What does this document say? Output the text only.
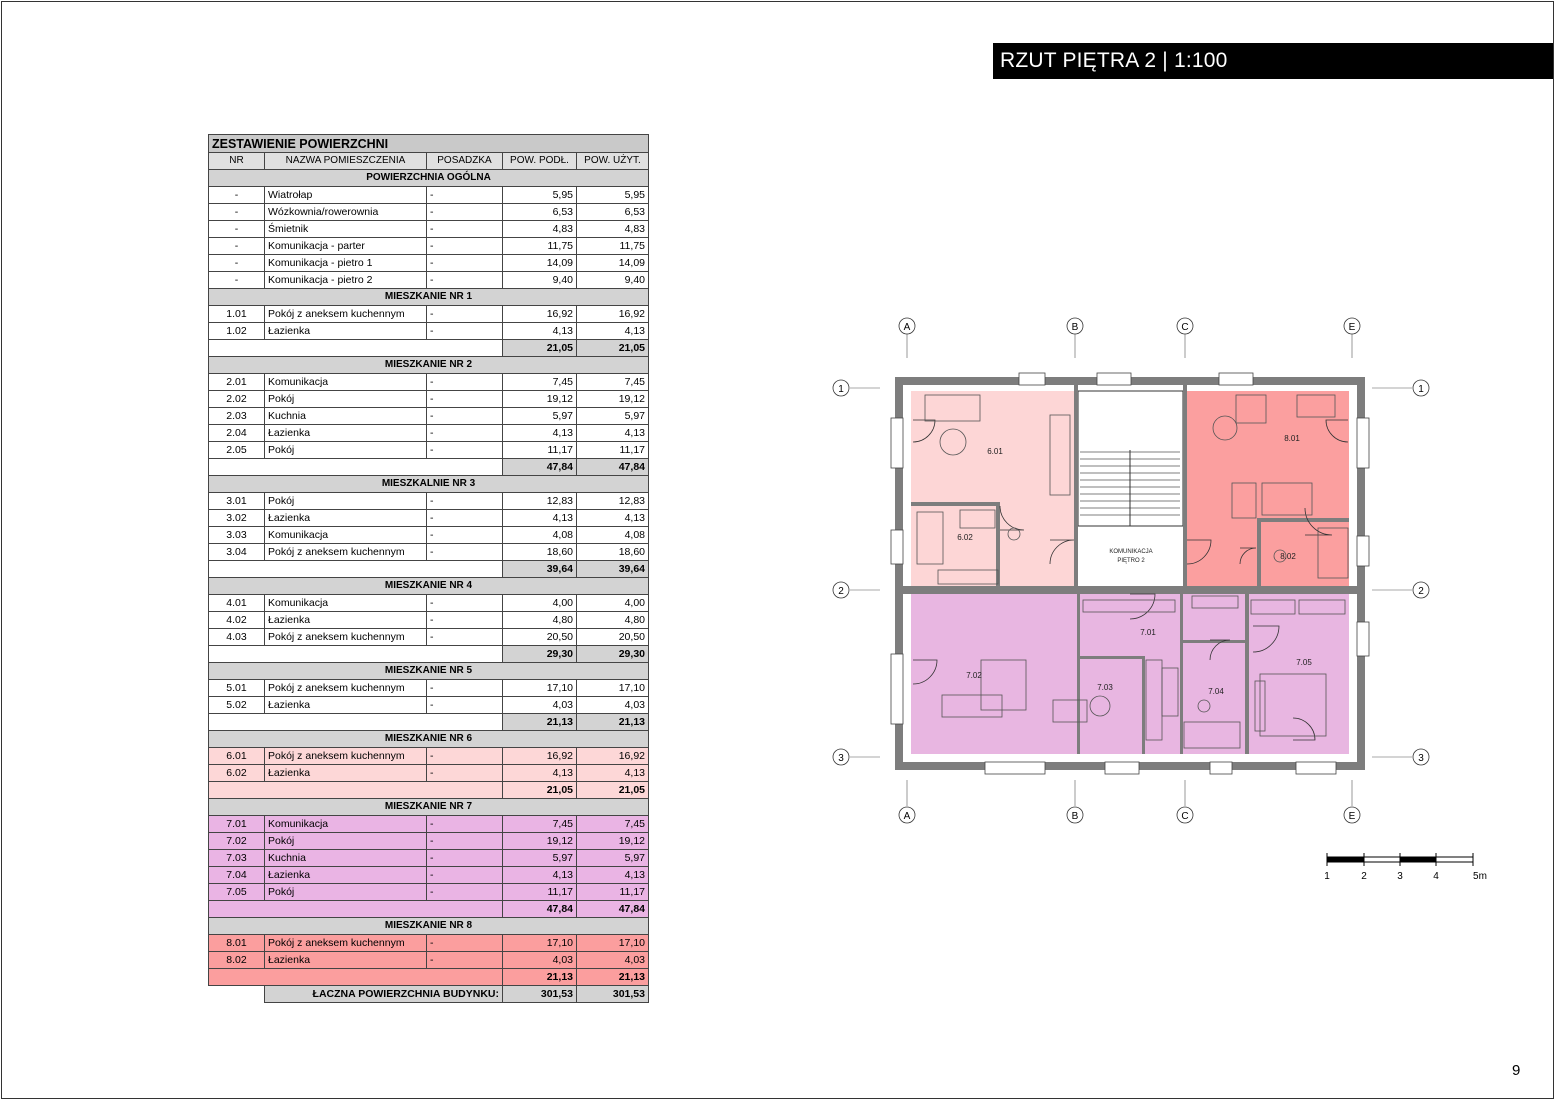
RZUT PIĘTRA 2 | 1:100
ZESTAWIENIE POWIERZCHNI				
NR	NAZWA POMIESZCZENIA	POSADZKA	POW. PODŁ.	POW. UŻYT.
POWIERZCHNIA OGÓLNA				
-	Wiatrołap	-	5,95	5,95
-	Wózkownia/rowerownia	-	6,53	6,53
-	Śmietnik	-	4,83	4,83
-	Komunikacja - parter	-	11,75	11,75
-	Komunikacja - pietro 1	-	14,09	14,09
-	Komunikacja - pietro 2	-	9,40	9,40
MIESZKANIE NR 1				
1.01	Pokój z aneksem kuchennym	-	16,92	16,92
1.02	Łazienka	-	4,13	4,13
			21,05	21,05
MIESZKANIE NR 2				
2.01	Komunikacja	-	7,45	7,45
2.02	Pokój	-	19,12	19,12
2.03	Kuchnia	-	5,97	5,97
2.04	Łazienka	-	4,13	4,13
2.05	Pokój	-	11,17	11,17
			47,84	47,84
MIESZKALNIE NR 3				
3.01	Pokój	-	12,83	12,83
3.02	Łazienka	-	4,13	4,13
3.03	Komunikacja	-	4,08	4,08
3.04	Pokój z aneksem kuchennym	-	18,60	18,60
			39,64	39,64
MIESZKANIE NR 4				
4.01	Komunikacja	-	4,00	4,00
4.02	Łazienka	-	4,80	4,80
4.03	Pokój z aneksem kuchennym	-	20,50	20,50
			29,30	29,30
MIESZKANIE NR 5				
5.01	Pokój z aneksem kuchennym	-	17,10	17,10
5.02	Łazienka	-	4,03	4,03
			21,13	21,13
MIESZKANIE NR 6				
6.01	Pokój z aneksem kuchennym	-	16,92	16,92
6.02	Łazienka	-	4,13	4,13
			21,05	21,05
MIESZKANIE NR 7				
7.01	Komunikacja	-	7,45	7,45
7.02	Pokój	-	19,12	19,12
7.03	Kuchnia	-	5,97	5,97
7.04	Łazienka	-	4,13	4,13
7.05	Pokój	-	11,17	11,17
			47,84	47,84
MIESZKANIE NR 8				
8.01	Pokój z aneksem kuchennym	-	17,10	17,10
8.02	Łazienka	-	4,03	4,03
			21,13	21,13
	ŁACZNA POWIERZCHNIA BUDYNKU:		301,53	301,53
6.01
6.02
8.01
8.02
7.01
7.02
7.03	7.04
7.05
KOMUNIKACJA
PIĘTRO 2
A
A
B
B
C
C
E
E
1	1
2	2
3	3
1	2	3	4	5m
9
